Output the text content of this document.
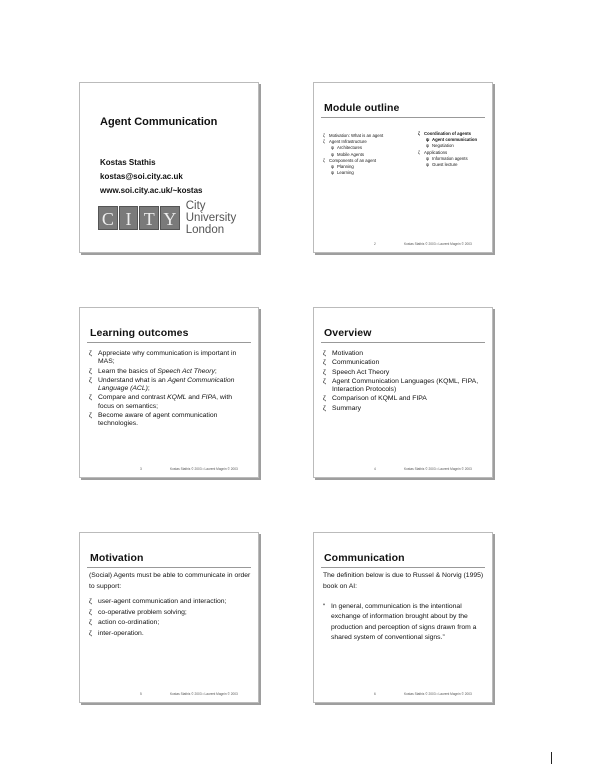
Agent Communication
Kostas Stathis
kostas@soi.city.ac.uk
www.soi.city.ac.uk/~kostas
C I T Y
City University
London
Module outline
ζ Motivation: What is an agent
ζ Agent Infrastructure
ψ Architectures
ψ Mobile Agents
ζ Components of an agent
ψ Planning
ψ Learning
ζ Coordination of agents
ψ Agent communication
ψ Negotiation
ζ Applications
ψ Information agents
ψ Guest lecture
2	Kostas Stathis © 2003 • Laurent Magnin © 2003
Learning outcomes
ζ Appreciate why communication is important in MAS;
ζ Learn the basics of Speech Act Theory;
ζ Understand what is an Agent Communication Language (ACL);
ζ Compare and contrast KQML and FIPA, with focus on semantics;
ζ Become aware of agent communication technologies.
3	Kostas Stathis © 2003 • Laurent Magnin © 2003
Overview
ζ Motivation
ζ Communication
ζ Speech Act Theory
ζ Agent Communication Languages (KQML, FIPA, Interaction Protocols)
ζ Comparison of KQML and FIPA
ζ Summary
4	Kostas Stathis © 2003 • Laurent Magnin © 2003
Motivation
(Social) Agents must be able to communicate in order to support:
ζ user-agent communication and interaction;
ζ co-operative problem solving;
ζ action co-ordination;
ζ inter-operation.
5	Kostas Stathis © 2003 • Laurent Magnin © 2003
Communication
The definition below is due to Russel & Norvig (1995) book on AI:
“ In general, communication is the intentional exchange of information brought about by the production and perception of signs drawn from a shared system of conventional signs.”
6	Kostas Stathis © 2003 • Laurent Magnin © 2003
